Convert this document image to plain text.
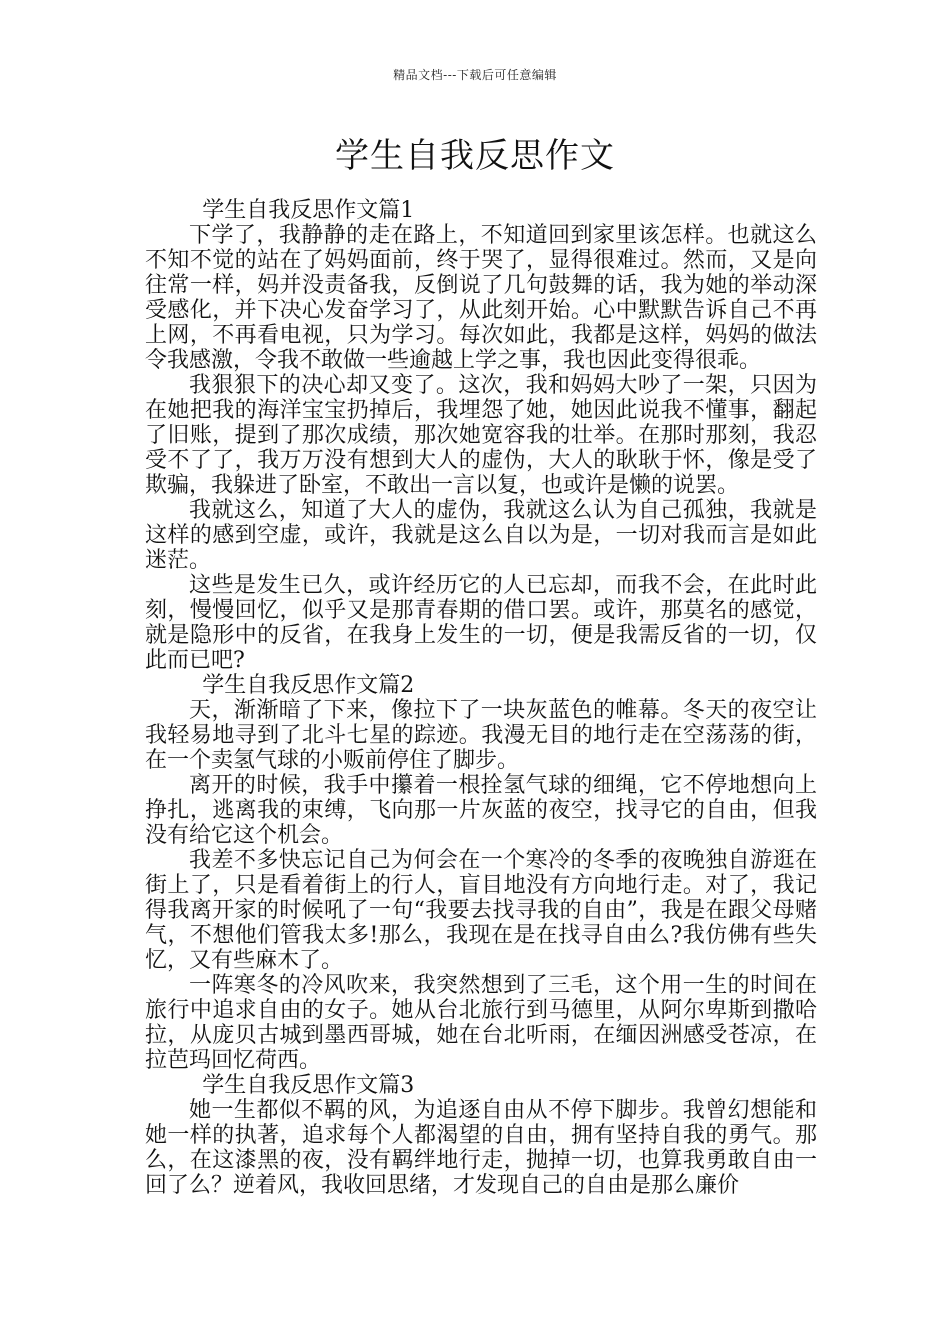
精品文档---下载后可任意编辑
学生自我反思作文

学生自我反思作文篇1

下学了，我静静的走在路上，不知道回到家里该怎样。也就这么不知不觉的站在了妈妈面前，终于哭了，显得很难过。然而，又是向往常一样，妈并没责备我，反倒说了几句鼓舞的话，我为她的举动深受感化，并下决心发奋学习了，从此刻开始。心中默默告诉自己不再上网，不再看电视，只为学习。每次如此，我都是这样，妈妈的做法令我感激，令我不敢做一些逾越上学之事，我也因此变得很乖。

我狠狠下的决心却又变了。这次，我和妈妈大吵了一架，只因为在她把我的海洋宝宝扔掉后，我埋怨了她，她因此说我不懂事，翻起了旧账，提到了那次成绩，那次她宽容我的壮举。在那时那刻，我忍受不了了，我万万没有想到大人的虚伪，大人的耿耿于怀，像是受了欺骗，我躲进了卧室，不敢出一言以复，也或许是懒的说罢。

我就这么，知道了大人的虚伪，我就这么认为自己孤独，我就是这样的感到空虚，或许，我就是这么自以为是，一切对我而言是如此迷茫。

这些是发生已久，或许经历它的人已忘却，而我不会，在此时此刻，慢慢回忆，似乎又是那青春期的借口罢。或许，那莫名的感觉，就是隐形中的反省，在我身上发生的一切，便是我需反省的一切，仅此而已吧?

学生自我反思作文篇2

天，渐渐暗了下来，像拉下了一块灰蓝色的帷幕。冬天的夜空让我轻易地寻到了北斗七星的踪迹。我漫无目的地行走在空荡荡的街，在一个卖氢气球的小贩前停住了脚步。

离开的时候，我手中攥着一根拴氢气球的细绳，它不停地想向上挣扎，逃离我的束缚，飞向那一片灰蓝的夜空，找寻它的自由，但我没有给它这个机会。

我差不多快忘记自己为何会在一个寒冷的冬季的夜晚独自游逛在街上了，只是看着街上的行人，盲目地没有方向地行走。对了，我记得我离开家的时候吼了一句“我要去找寻我的自由”，我是在跟父母赌气，不想他们管我太多!那么，我现在是在找寻自由么?我仿佛有些失忆，又有些麻木了。

一阵寒冬的冷风吹来，我突然想到了三毛，这个用一生的时间在旅行中追求自由的女子。她从台北旅行到马德里，从阿尔卑斯到撒哈拉，从庞贝古城到墨西哥城，她在台北听雨，在缅因洲感受苍凉，在拉芭玛回忆荷西。

学生自我反思作文篇3

她一生都似不羁的风，为追逐自由从不停下脚步。我曾幻想能和她一样的执著，追求每个人都渴望的自由，拥有坚持自我的勇气。那么，在这漆黑的夜，没有羁绊地行走，抛掉一切，也算我勇敢自由一回了么？逆着风，我收回思绪，才发现自己的自由是那么廉价
